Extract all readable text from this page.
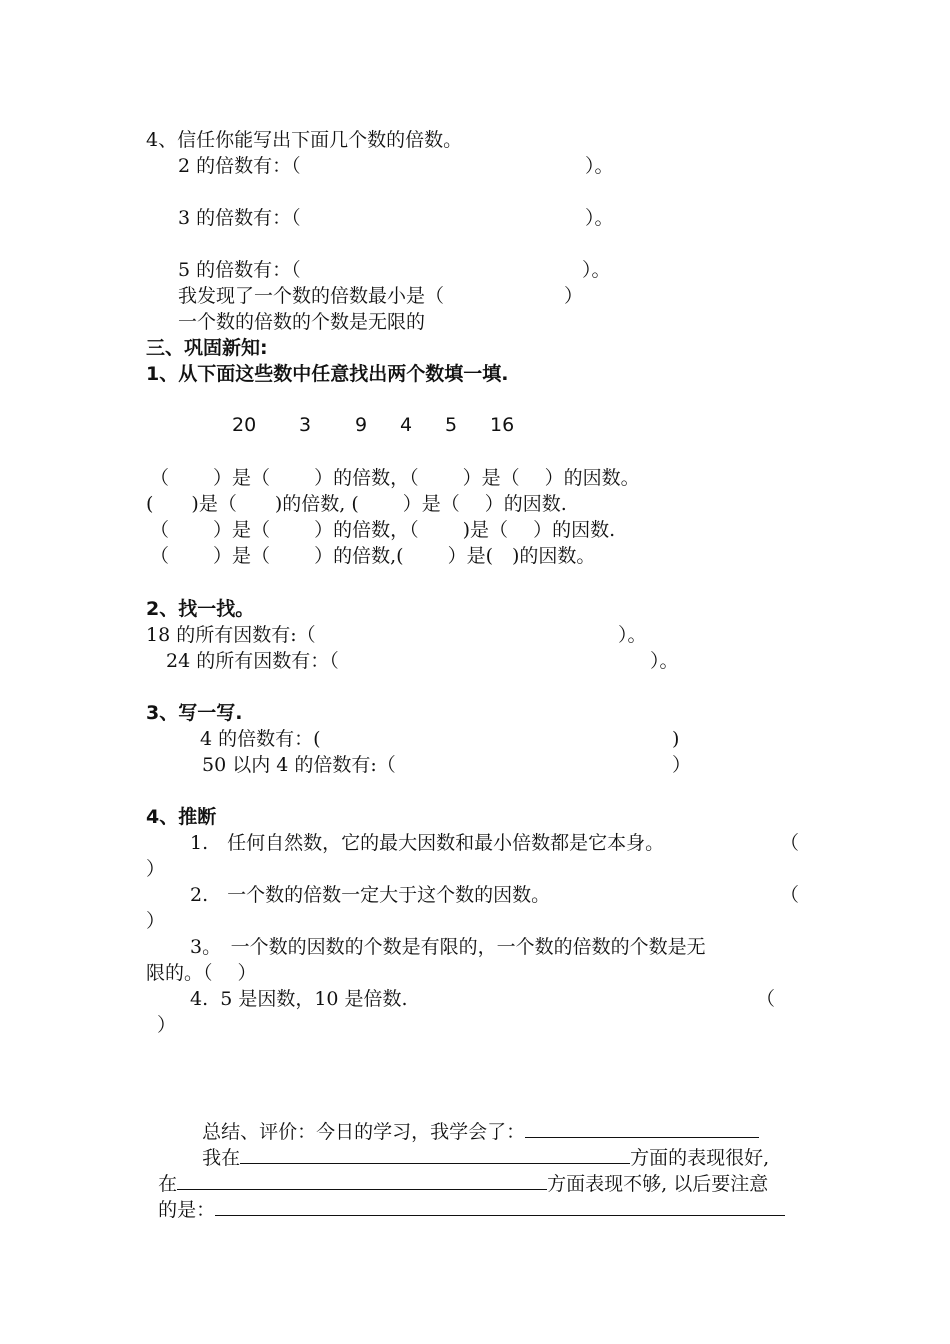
4、信任你能写出下面几个数的倍数。
2 的倍数有：（	）。
3 的倍数有：（	）。
5 的倍数有：（	）。
我发现了一个数的倍数最小是（	）
一个数的倍数的个数是无限的
三、巩固新知:
1、从下面这些数中任意找出两个数填一填.
20 3 9 4 5 16
（　　 ）是（　　 ）的倍数，（　　 ）是（　 ）的因数。
(　　)是（　　)的倍数, (　　 ）是（　 ）的因数.
（　　 ）是（　　 ）的倍数，（　　 )是（　 ）的因数.
（　　 ）是（　　 ）的倍数,(　　 ）是(　)的因数。
2、找一找。
18 的所有因数有:（	）。
24 的所有因数有：（	）。
3、写一写.
4 的倍数有：(	)
50 以内 4 的倍数有:（	）
4、推断
1.　任何自然数，它的最大因数和最小倍数都是它本身。	（
）
2.　一个数的倍数一定大于这个数的因数。	（
）
3。　一个数的因数的个数是有限的，一个数的倍数的个数是无
限的。（　 ）
4.  5 是因数，10 是倍数.	（
）

总结、评价：今日的学习，我学会了：

我在	方面的表现很好,

在	方面表现不够, 以后要注意

的是：
